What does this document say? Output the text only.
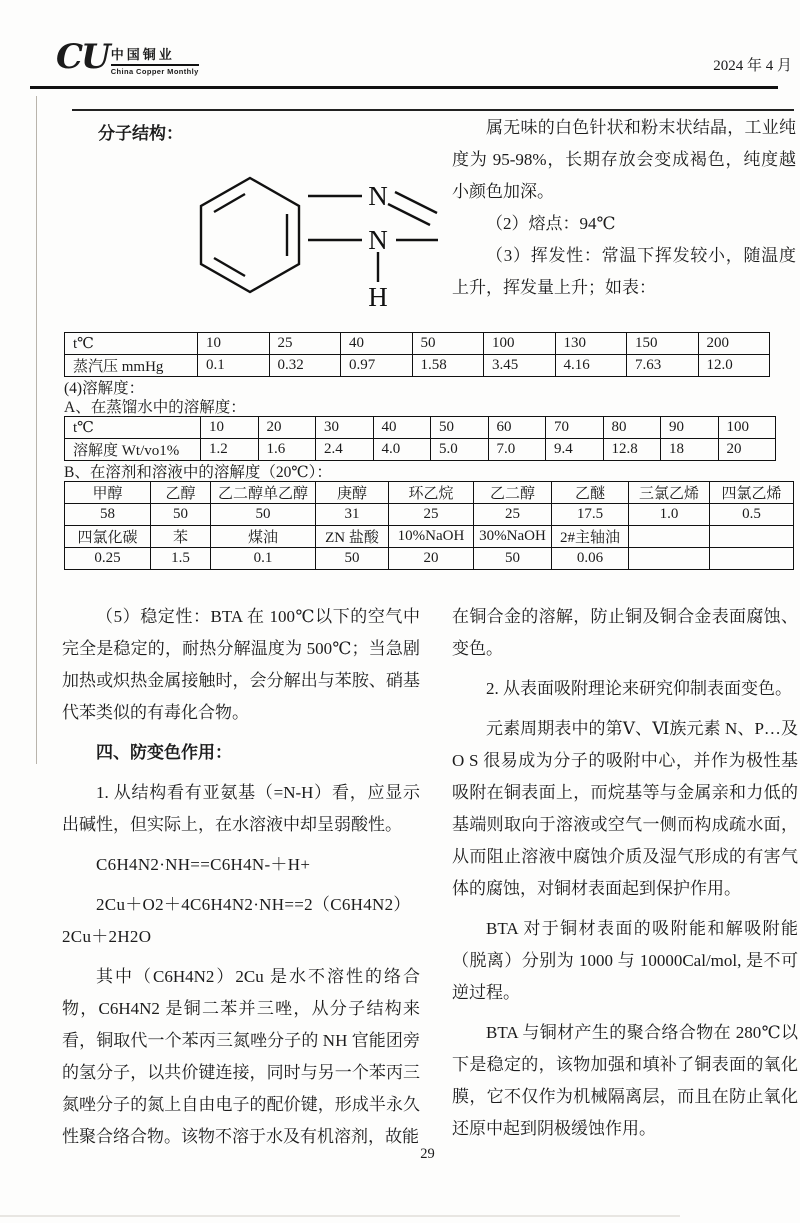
CU 中国铜业
China Copper Monthly	2024 年 4 月
分子结构：
N
N
H

属无味的白色针状和粉末状结晶，工业纯度为 95-98%，长期存放会变成褐色，纯度越小颜色加深。

（2）熔点：94℃

（3）挥发性：常温下挥发较小，随温度上升，挥发量上升；如表：

t℃	10	25	40	50	100	130	150	200
蒸汽压 mmHg	0.1	0.32	0.97	1.58	3.45	4.16	7.63	12.0
(4)溶解度：
A、在蒸馏水中的溶解度：
t℃	10	20	30	40	50	60	70	80	90	100
溶解度 Wt/vo1%	1.2	1.6	2.4	4.0	5.0	7.0	9.4	12.8	18	20
B、在溶剂和溶液中的溶解度（20℃）：
甲醇	乙醇	乙二醇单乙醇	庚醇	环乙烷	乙二醇	乙醚	三氯乙烯	四氯乙烯
58	50	50	31	25	25	17.5	1.0	0.5
四氯化碳	苯	煤油	ZN 盐酸	10%NaOH	30%NaOH	2#主轴油		
0.25	1.5	0.1	50	20	50	0.06		

（5）稳定性：BTA 在 100℃以下的空气中完全是稳定的，耐热分解温度为 500℃；当急剧加热或炽热金属接触时，会分解出与苯胺、硝基代苯类似的有毒化合物。

四、防变色作用：

1. 从结构看有亚氨基（=N-H）看，应显示出碱性，但实际上，在水溶液中却呈弱酸性。

C6H4N2·NH==C6H4N-＋H+

2Cu＋O2＋4C6H4N2·NH==2（C6H4N2）2Cu＋2H2O

其中（C6H4N2）2Cu 是水不溶性的络合物，C6H4N2 是铜二苯并三唑，从分子结构来看，铜取代一个苯丙三氮唑分子的 NH 官能团旁的氢分子，以共价键连接，同时与另一个苯丙三氮唑分子的氮上自由电子的配价键，形成半永久性聚合络合物。该物不溶于水及有机溶剂，故能

在铜合金的溶解，防止铜及铜合金表面腐蚀、变色。

2. 从表面吸附理论来研究仰制表面变色。

元素周期表中的第Ⅴ、Ⅵ族元素 N、P…及 O S 很易成为分子的吸附中心，并作为极性基吸附在铜表面上，而烷基等与金属亲和力低的基端则取向于溶液或空气一侧而构成疏水面，从而阻止溶液中腐蚀介质及湿气形成的有害气体的腐蚀，对铜材表面起到保护作用。

BTA 对于铜材表面的吸附能和解吸附能（脱离）分别为 1000 与 10000Cal/mol, 是不可逆过程。

BTA 与铜材产生的聚合络合物在 280℃以下是稳定的，该物加强和填补了铜表面的氧化膜，它不仅作为机械隔离层，而且在防止氧化还原中起到阴极缓蚀作用。

29
